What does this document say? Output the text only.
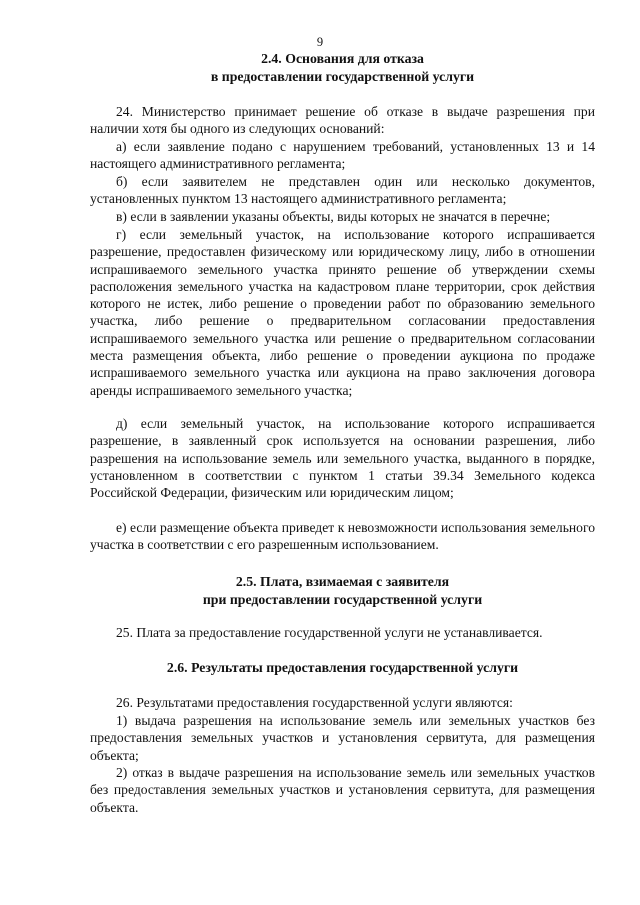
9
2.4. Основания для отказа
в предоставлении государственной услуги

24. Министерство принимает решение об отказе в выдаче разрешения при наличии хотя бы одного из следующих оснований:

а) если заявление подано с нарушением требований, установленных 13 и 14 настоящего административного регламента;

б) если заявителем не представлен один или несколько документов, установленных пунктом 13 настоящего административного регламента;

в) если в заявлении указаны объекты, виды которых не значатся в перечне;

г) если земельный участок, на использование которого испрашивается разрешение, предоставлен физическому или юридическому лицу, либо в отношении испрашиваемого земельного участка принято решение об утверждении схемы расположения земельного участка на кадастровом плане территории, срок действия которого не истек, либо решение о проведении работ по образованию земельного участка, либо решение о предварительном согласовании предоставления испрашиваемого земельного участка или решение о предварительном согласовании места размещения объекта, либо решение о проведении аукциона по продаже испрашиваемого земельного участка или аукциона на право заключения договора аренды испрашиваемого земельного участка;

д) если земельный участок, на использование которого испрашивается разрешение, в заявленный срок используется на основании разрешения, либо разрешения на использование земель или земельного участка, выданного в порядке, установленном в соответствии с пунктом 1 статьи 39.34 Земельного кодекса Российской Федерации, физическим или юридическим лицом;

е) если размещение объекта приведет к невозможности использования земельного участка в соответствии с его разрешенным использованием.

2.5. Плата, взимаемая с заявителя
при предоставлении государственной услуги

25. Плата за предоставление государственной услуги не устанавливается.

2.6. Результаты предоставления государственной услуги

26. Результатами предоставления государственной услуги являются:

1) выдача разрешения на использование земель или земельных участков без предоставления земельных участков и установления сервитута, для размещения объекта;

2) отказ в выдаче разрешения на использование земель или земельных участков без предоставления земельных участков и установления сервитута, для размещения объекта.
